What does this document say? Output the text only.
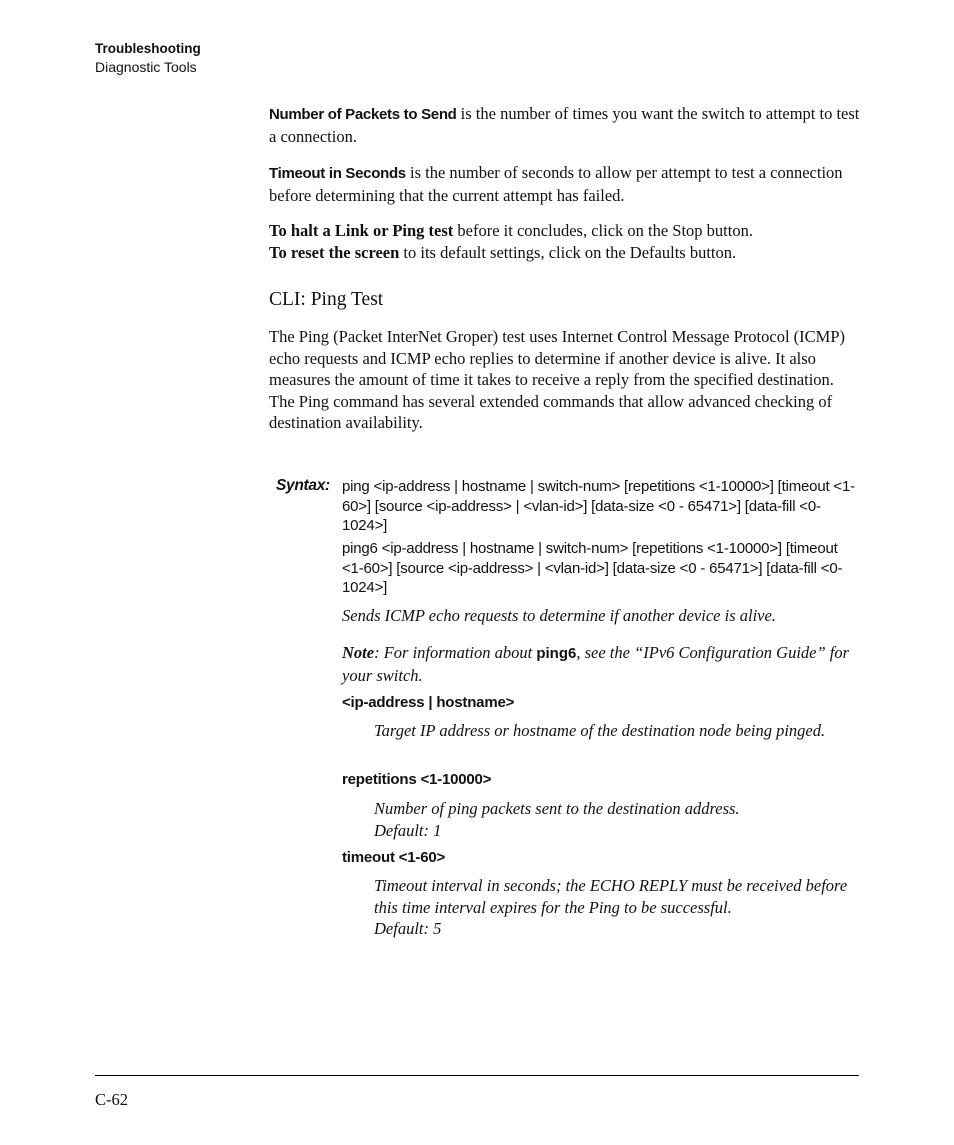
Troubleshooting
Diagnostic Tools
Number of Packets to Send is the number of times you want the switch to attempt to test a connection.
Timeout in Seconds is the number of seconds to allow per attempt to test a connection before determining that the current attempt has failed.
To halt a Link or Ping test before it concludes, click on the Stop button.
To reset the screen to its default settings, click on the Defaults button.
CLI: Ping Test
The Ping (Packet InterNet Groper) test uses Internet Control Message Protocol (ICMP) echo requests and ICMP echo replies to determine if another device is alive. It also measures the amount of time it takes to receive a reply from the specified destination. The Ping command has several extended commands that allow advanced checking of destination availability.
Syntax: ping <ip-address | hostname | switch-num> [repetitions <1-10000>] [timeout <1-60>] [source <ip-address> | <vlan-id>] [data-size <0 - 65471>] [data-fill <0-1024>]
ping6 <ip-address | hostname | switch-num> [repetitions <1-10000>] [timeout <1-60>] [source <ip-address> | <vlan-id>] [data-size <0 - 65471>] [data-fill <0-1024>]
Sends ICMP echo requests to determine if another device is alive.
Note: For information about ping6, see the “IPv6 Configuration Guide” for your switch.
<ip-address | hostname>
Target IP address or hostname of the destination node being pinged.
repetitions <1-10000>
Number of ping packets sent to the destination address.
Default: 1
timeout <1-60>
Timeout interval in seconds; the ECHO REPLY must be received before this time interval expires for the Ping to be successful.
Default: 5
C-62
